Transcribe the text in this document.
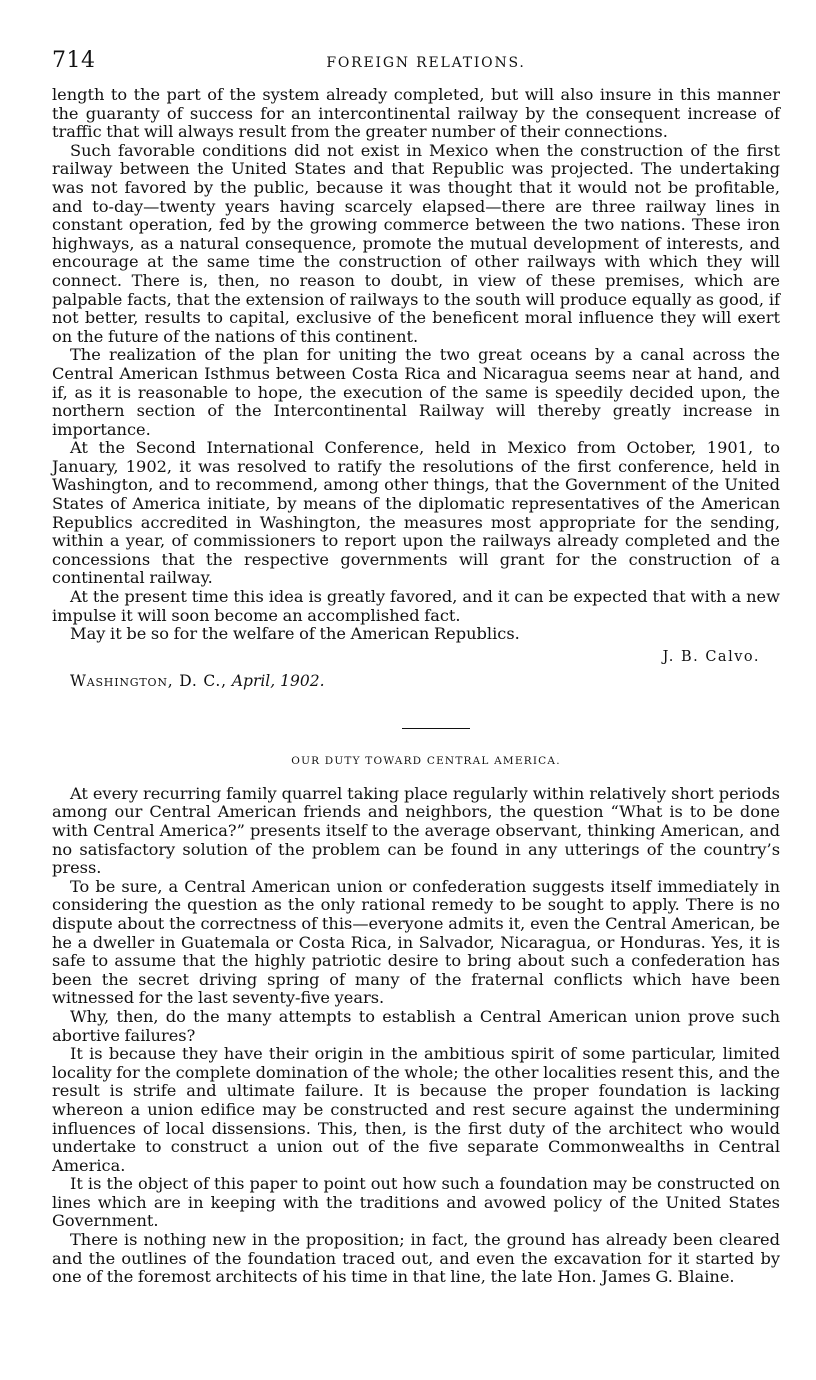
714	FOREIGN RELATIONS.

length to the part of the system already completed, but will also insure in this manner the guaranty of success for an intercontinental railway by the consequent increase of traffic that will always result from the greater number of their connections.

Such favorable conditions did not exist in Mexico when the construction of the first railway between the United States and that Republic was projected. The undertaking was not favored by the public, because it was thought that it would not be profitable, and to-day—twenty years having scarcely elapsed—there are three railway lines in constant operation, fed by the growing commerce between the two nations. These iron highways, as a natural consequence, promote the mutual development of interests, and encourage at the same time the construction of other railways with which they will connect. There is, then, no reason to doubt, in view of these premises, which are palpable facts, that the extension of railways to the south will produce equally as good, if not better, results to capital, exclusive of the beneficent moral influence they will exert on the future of the nations of this continent.

The realization of the plan for uniting the two great oceans by a canal across the Central American Isthmus between Costa Rica and Nicaragua seems near at hand, and if, as it is reasonable to hope, the execution of the same is speedily decided upon, the northern section of the Intercontinental Railway will thereby greatly increase in importance.

At the Second International Conference, held in Mexico from October, 1901, to January, 1902, it was resolved to ratify the resolutions of the first conference, held in Washington, and to recommend, among other things, that the Government of the United States of America initiate, by means of the diplomatic representatives of the American Republics accredited in Washington, the measures most appropriate for the sending, within a year, of commissioners to report upon the railways already completed and the concessions that the respective governments will grant for the construction of a continental railway.

At the present time this idea is greatly favored, and it can be expected that with a new impulse it will soon become an accomplished fact.

May it be so for the welfare of the American Republics.

J. B. Calvo.
Washington, D. C., April, 1902.
OUR DUTY TOWARD CENTRAL AMERICA.

At every recurring family quarrel taking place regularly within relatively short periods among our Central American friends and neighbors, the question “What is to be done with Central America?” presents itself to the average observant, thinking American, and no satisfactory solution of the problem can be found in any utterings of the country’s press.

To be sure, a Central American union or confederation suggests itself immediately in considering the question as the only rational remedy to be sought to apply. There is no dispute about the correctness of this—everyone admits it, even the Central American, be he a dweller in Guatemala or Costa Rica, in Salvador, Nicaragua, or Honduras. Yes, it is safe to assume that the highly patriotic desire to bring about such a confederation has been the secret driving spring of many of the fraternal conflicts which have been witnessed for the last seventy-five years.

Why, then, do the many attempts to establish a Central American union prove such abortive failures?

It is because they have their origin in the ambitious spirit of some particular, limited locality for the complete domination of the whole; the other localities resent this, and the result is strife and ultimate failure. It is because the proper foundation is lacking whereon a union edifice may be constructed and rest secure against the undermining influences of local dissensions. This, then, is the first duty of the architect who would undertake to construct a union out of the five separate Commonwealths in Central America.

It is the object of this paper to point out how such a foundation may be constructed on lines which are in keeping with the traditions and avowed policy of the United States Government.

There is nothing new in the proposition; in fact, the ground has already been cleared and the outlines of the foundation traced out, and even the excavation for it started by one of the foremost architects of his time in that line, the late Hon. James G. Blaine.
